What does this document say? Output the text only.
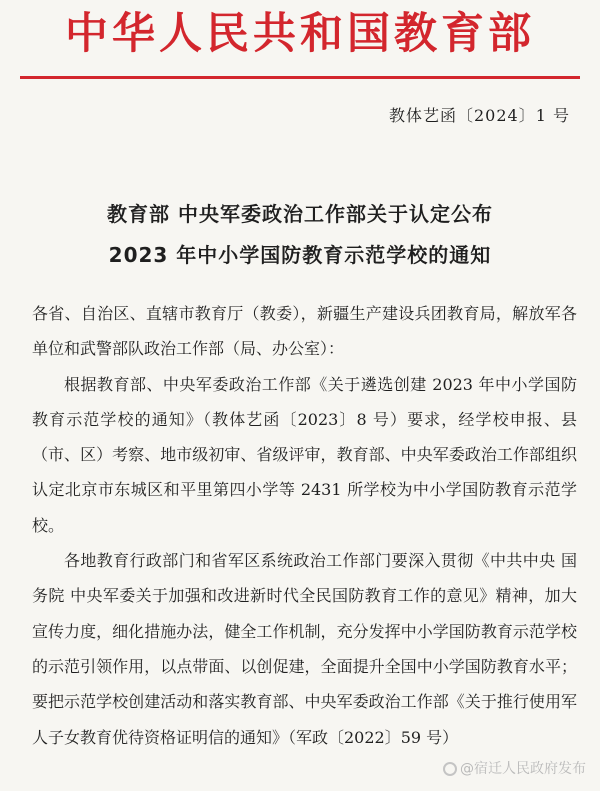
中华人民共和国教育部
教体艺函〔2024〕1 号
教育部 中央军委政治工作部关于认定公布
2023 年中小学国防教育示范学校的通知

各省、自治区、直辖市教育厅（教委），新疆生产建设兵团教育局，解放军各单位和武警部队政治工作部（局、办公室）：

根据教育部、中央军委政治工作部《关于遴选创建 2023 年中小学国防教育示范学校的通知》（教体艺函〔2023〕8 号）要求，经学校申报、县（市、区）考察、地市级初审、省级评审，教育部、中央军委政治工作部组织认定北京市东城区和平里第四小学等 2431 所学校为中小学国防教育示范学校。

各地教育行政部门和省军区系统政治工作部门要深入贯彻《中共中央 国务院 中央军委关于加强和改进新时代全民国防教育工作的意见》精神，加大宣传力度，细化措施办法，健全工作机制，充分发挥中小学国防教育示范学校的示范引领作用，以点带面、以创促建，全面提升全国中小学国防教育水平；要把示范学校创建活动和落实教育部、中央军委政治工作部《关于推行使用军人子女教育优待资格证明信的通知》（军政〔2022〕59 号）

@宿迁人民政府发布
